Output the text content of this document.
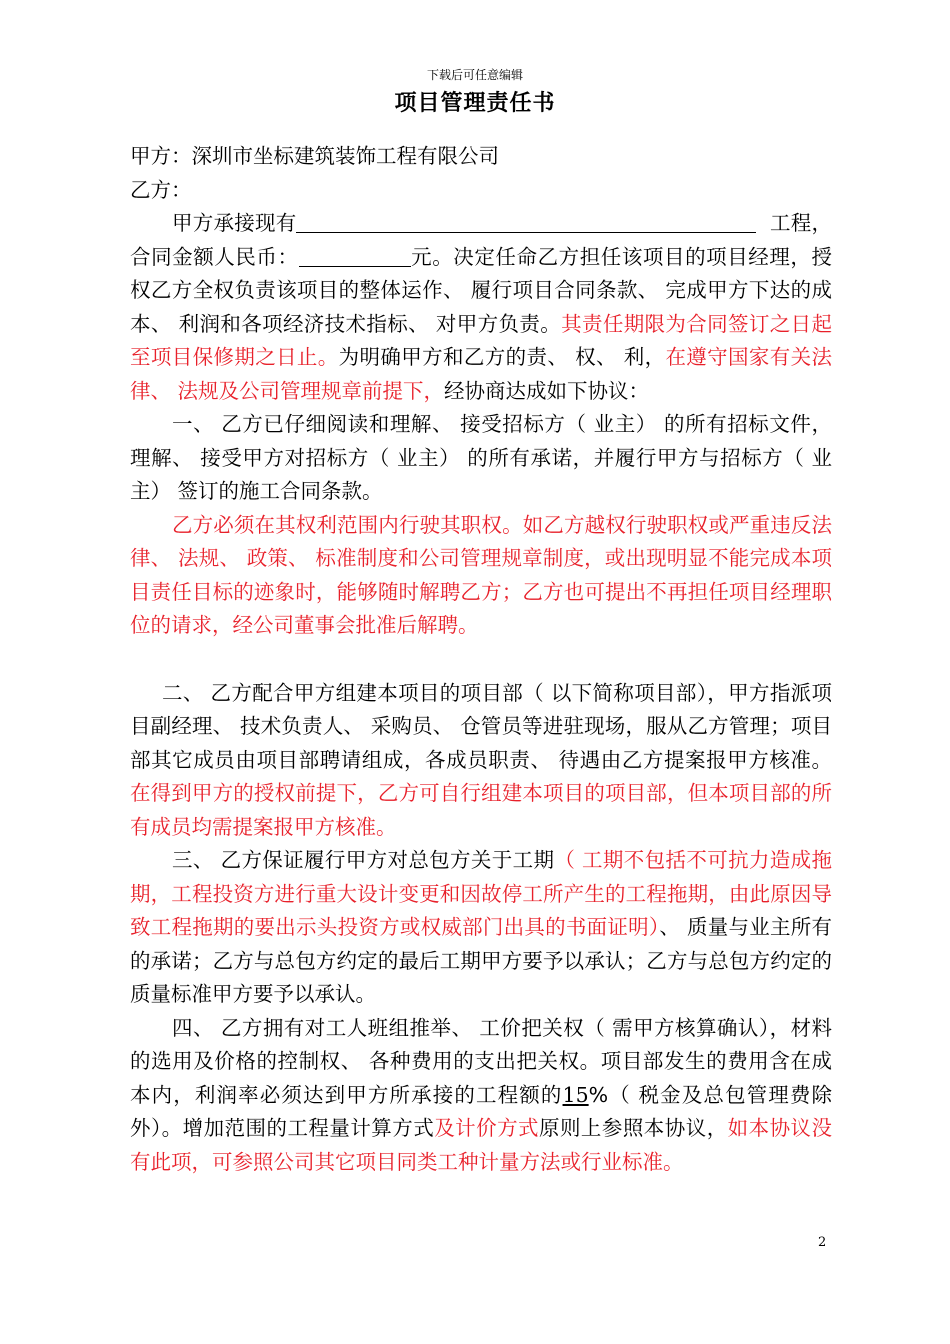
下载后可任意编辑
项目管理责任书

甲方：深圳市坐标建筑装饰工程有限公司

乙方：

甲方承接现有	工程，合同金额人民币：	元。决定任命乙方担任该项目的项目经理，授权乙方全权负责该项目的整体运作、 履行项目合同条款、 完成甲方下达的成本、 利润和各项经济技术指标、 对甲方负责。其责任期限为合同签订之日起至项目保修期之日止。为明确甲方和乙方的责、 权、 利，在遵守国家有关法律、 法规及公司管理规章前提下，经协商达成如下协议：

一、 乙方已仔细阅读和理解、 接受招标方（ 业主） 的所有招标文件，理解、 接受甲方对招标方（ 业主） 的所有承诺，并履行甲方与招标方（ 业主） 签订的施工合同条款。

乙方必须在其权利范围内行驶其职权。如乙方越权行驶职权或严重违反法律、 法规、 政策、 标准制度和公司管理规章制度，或出现明显不能完成本项目责任目标的迹象时，能够随时解聘乙方；乙方也可提出不再担任项目经理职位的请求，经公司董事会批准后解聘。

二、 乙方配合甲方组建本项目的项目部（ 以下简称项目部），甲方指派项目副经理、 技术负责人、 采购员、 仓管员等进驻现场，服从乙方管理；项目部其它成员由项目部聘请组成，各成员职责、 待遇由乙方提案报甲方核准。在得到甲方的授权前提下，乙方可自行组建本项目的项目部，但本项目部的所有成员均需提案报甲方核准。

三、 乙方保证履行甲方对总包方关于工期（ 工期不包括不可抗力造成拖期，工程投资方进行重大设计变更和因故停工所产生的工程拖期，由此原因导致工程拖期的要出示头投资方或权威部门出具的书面证明）、 质量与业主所有的承诺；乙方与总包方约定的最后工期甲方要予以承认；乙方与总包方约定的质量标准甲方要予以承认。

四、 乙方拥有对工人班组推举、 工价把关权（ 需甲方核算确认），材料的选用及价格的控制权、 各种费用的支出把关权。项目部发生的费用含在成本内，利润率必须达到甲方所承接的工程额的15%（ 税金及总包管理费除外）。增加范围的工程量计算方式及计价方式原则上参照本协议，如本协议没有此项，可参照公司其它项目同类工种计量方法或行业标准。

2
